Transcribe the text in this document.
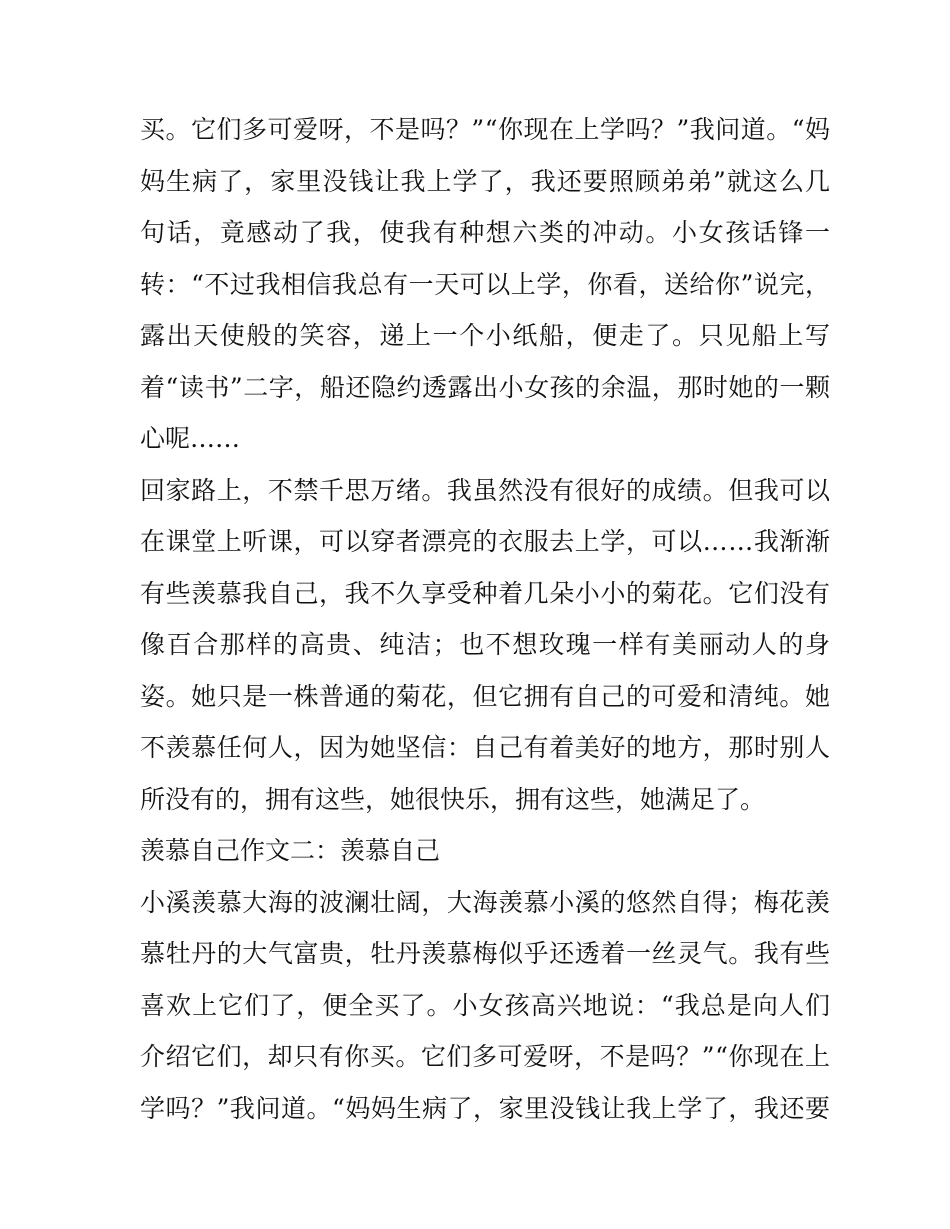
买。它们多可爱呀，不是吗？”“你现在上学吗？”我问道。“妈
妈生病了，家里没钱让我上学了，我还要照顾弟弟”就这么几
句话，竟感动了我，使我有种想六类的冲动。小女孩话锋一
转：“不过我相信我总有一天可以上学，你看，送给你”说完，
露出天使般的笑容，递上一个小纸船，便走了。只见船上写
着“读书”二字，船还隐约透露出小女孩的余温，那时她的一颗
心呢……
回家路上，不禁千思万绪。我虽然没有很好的成绩。但我可以
在课堂上听课，可以穿者漂亮的衣服去上学，可以……我渐渐
有些羡慕我自己，我不久享受种着几朵小小的菊花。它们没有
像百合那样的高贵、纯洁；也不想玫瑰一样有美丽动人的身
姿。她只是一株普通的菊花，但它拥有自己的可爱和清纯。她
不羡慕任何人，因为她坚信：自己有着美好的地方，那时别人
所没有的，拥有这些，她很快乐，拥有这些，她满足了。
羡慕自己作文二：羡慕自己
小溪羡慕大海的波澜壮阔，大海羡慕小溪的悠然自得；梅花羡
慕牡丹的大气富贵，牡丹羡慕梅似乎还透着一丝灵气。我有些
喜欢上它们了，便全买了。小女孩高兴地说：“我总是向人们
介绍它们，却只有你买。它们多可爱呀，不是吗？”“你现在上
学吗？”我问道。“妈妈生病了，家里没钱让我上学了，我还要
